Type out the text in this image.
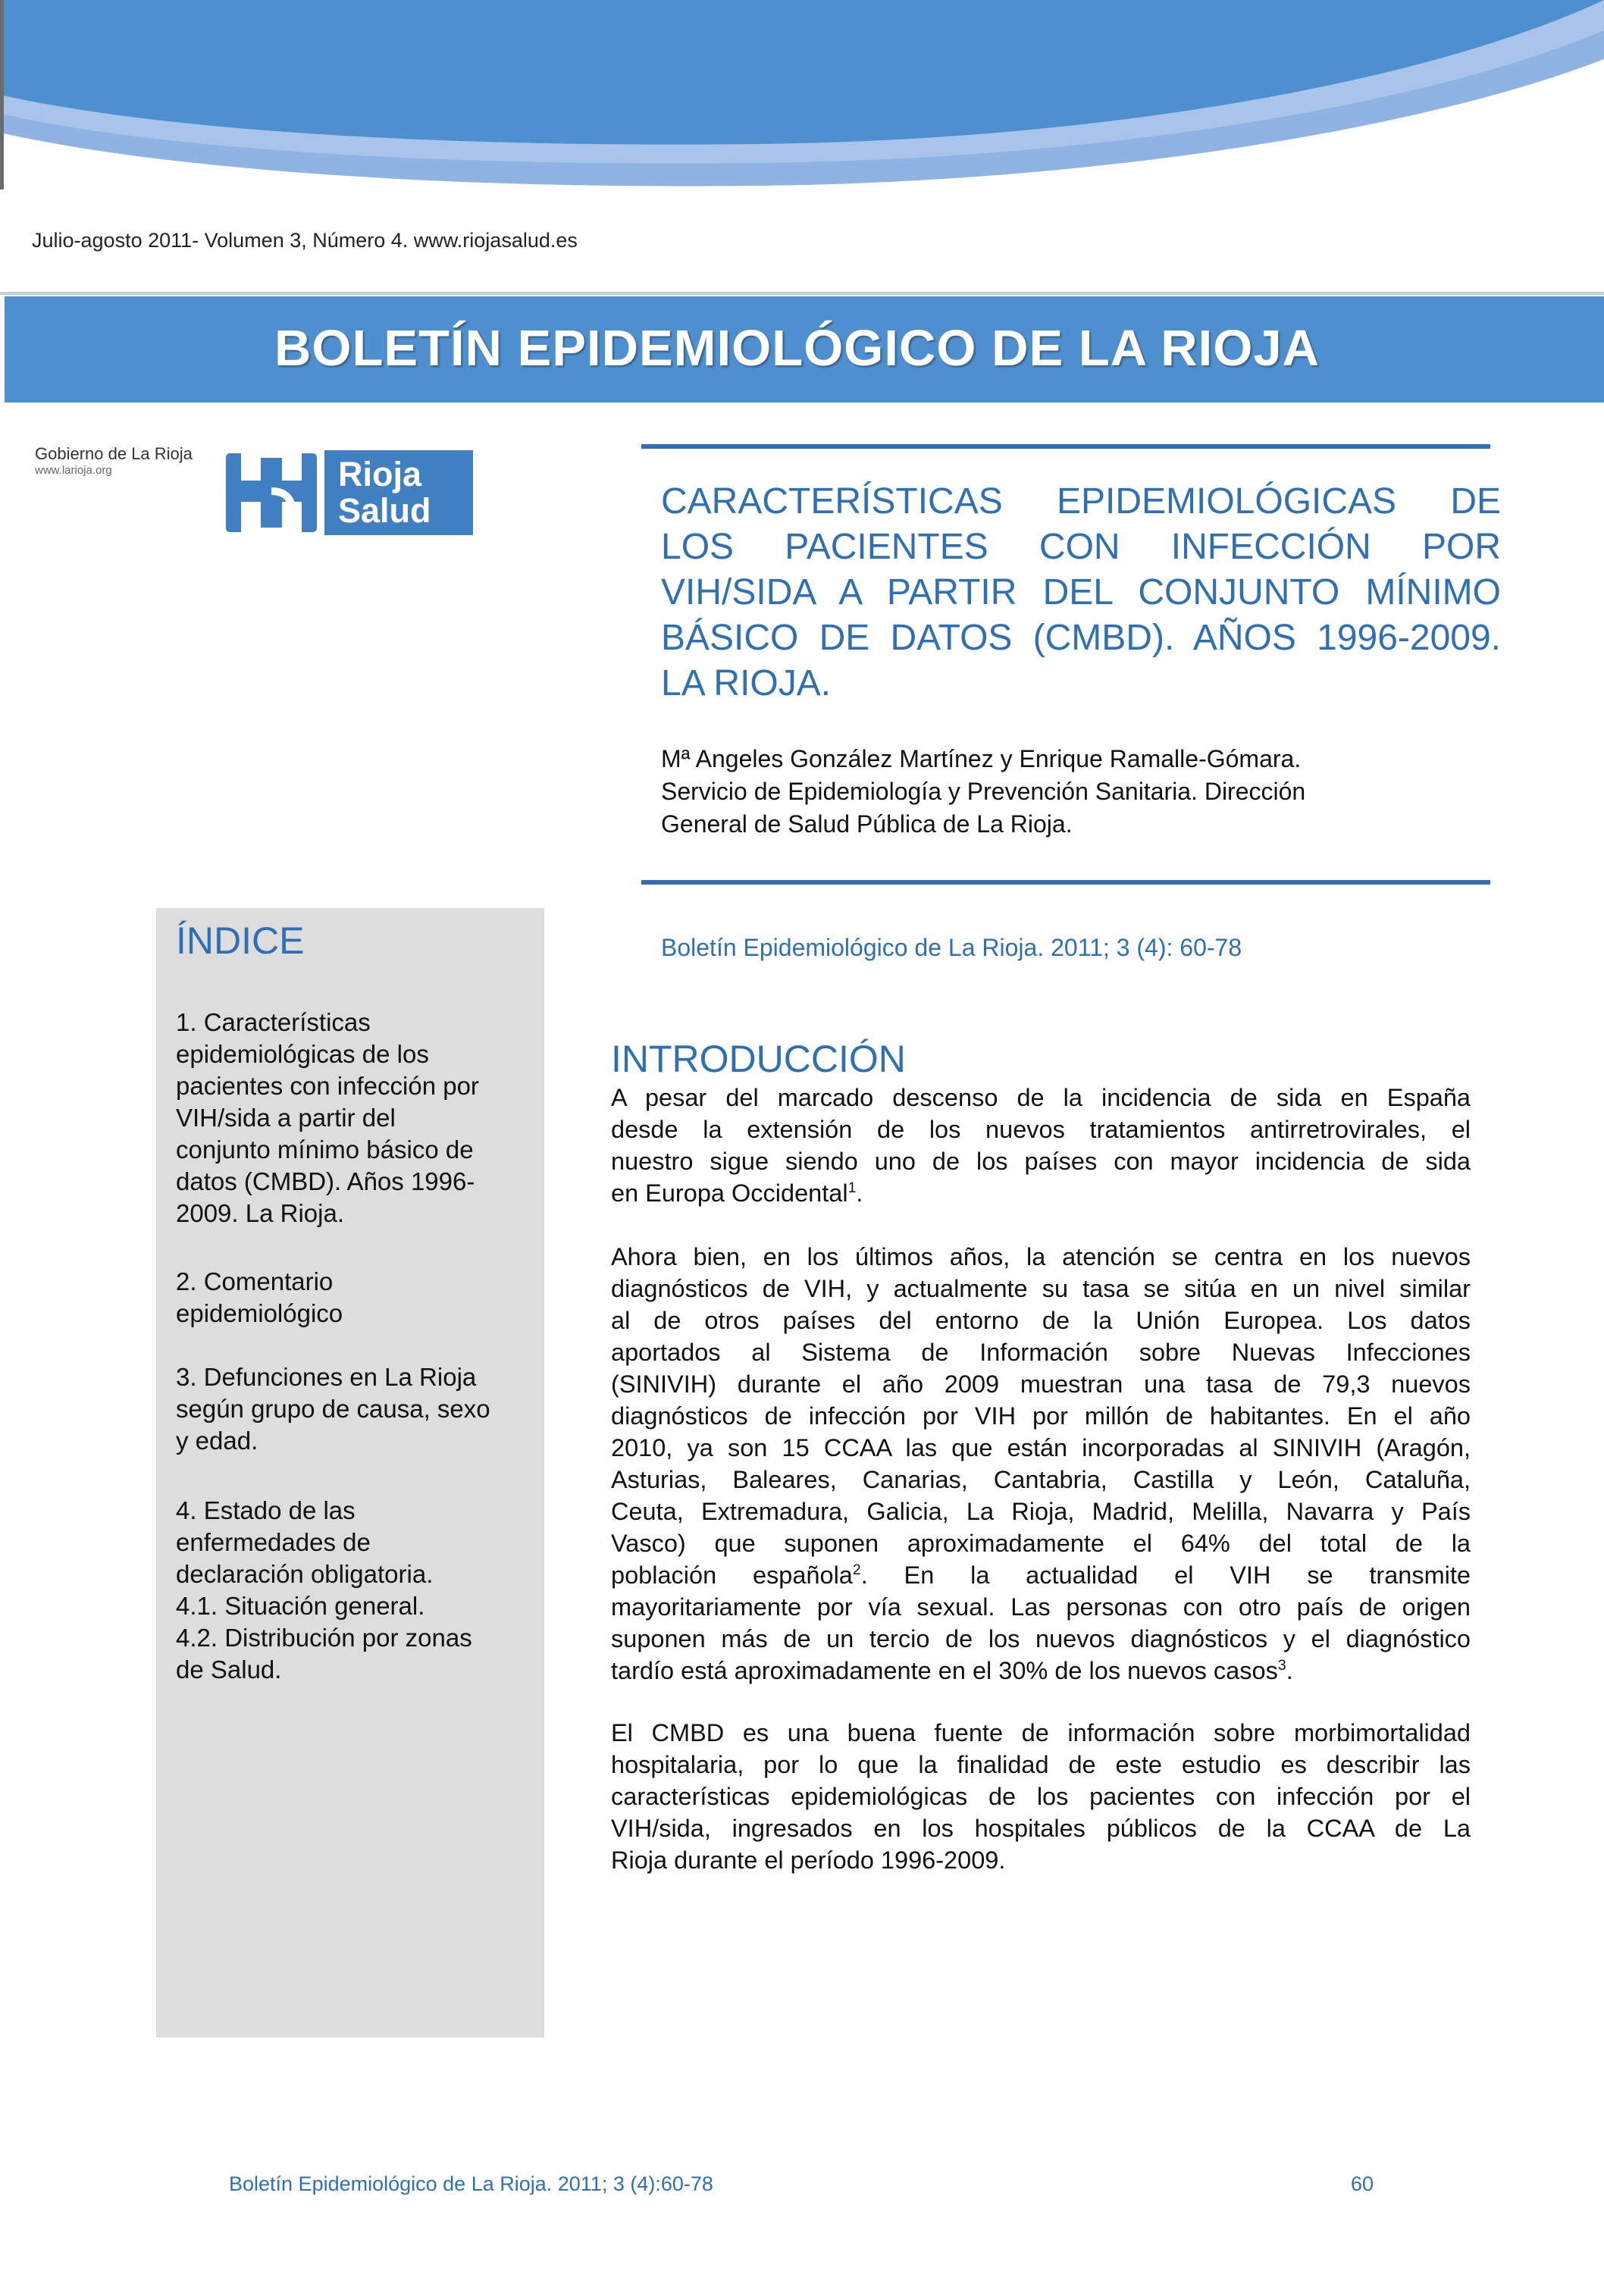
Julio-agosto 2011- Volumen 3, Número 4. www.riojasalud.es
BOLETÍN EPIDEMIOLÓGICO DE LA RIOJA
Gobierno de La Rioja
www.larioja.org	Rioja
Salud	CARACTERÍSTICAS EPIDEMIOLÓGICAS DE
LOS PACIENTES CON INFECCIÓN POR
VIH/SIDA A PARTIR DEL CONJUNTO MÍNIMO
BÁSICO DE DATOS (CMBD). AÑOS 1996-2009.
LA RIOJA.
Mª Angeles González Martínez y Enrique Ramalle-Gómara.
Servicio de Epidemiología y Prevención Sanitaria. Dirección
General de Salud Pública de La Rioja.
Boletín Epidemiológico de La Rioja. 2011; 3 (4): 60-78
ÍNDICE
1. Características
epidemiológicas de los
pacientes con infección por
VIH/sida a partir del
conjunto mínimo básico de
datos (CMBD). Años 1996-
2009. La Rioja.
2. Comentario
epidemiológico
3. Defunciones en La Rioja
según grupo de causa, sexo
y edad.
4. Estado de las
enfermedades de
declaración obligatoria.
4.1. Situación general.
4.2. Distribución por zonas
de Salud.
INTRODUCCIÓN
A pesar del marcado descenso de la incidencia de sida en España
desde la extensión de los nuevos tratamientos antirretrovirales, el
nuestro sigue siendo uno de los países con mayor incidencia de sida
en Europa Occidental$^1$.
Ahora bien, en los últimos años, la atención se centra en los nuevos
diagnósticos de VIH, y actualmente su tasa se sitúa en un nivel similar
al de otros países del entorno de la Unión Europea. Los datos
aportados al Sistema de Información sobre Nuevas Infecciones
(SINIVIH) durante el año 2009 muestran una tasa de 79,3 nuevos
diagnósticos de infección por VIH por millón de habitantes. En el año
2010, ya son 15 CCAA las que están incorporadas al SINIVIH (Aragón,
Asturias, Baleares, Canarias, Cantabria, Castilla y León, Cataluña,
Ceuta, Extremadura, Galicia, La Rioja, Madrid, Melilla, Navarra y País
Vasco) que suponen aproximadamente el 64% del total de la
población española$^2$. En la actualidad el VIH se transmite
mayoritariamente por vía sexual. Las personas con otro país de origen
suponen más de un tercio de los nuevos diagnósticos y el diagnóstico
tardío está aproximadamente en el 30% de los nuevos casos$^3$.
El CMBD es una buena fuente de información sobre morbimortalidad
hospitalaria, por lo que la finalidad de este estudio es describir las
características epidemiológicas de los pacientes con infección por el
VIH/sida, ingresados en los hospitales públicos de la CCAA de La
Rioja durante el período 1996-2009.
Boletín Epidemiológico de La Rioja. 2011; 3 (4):60-78	60
